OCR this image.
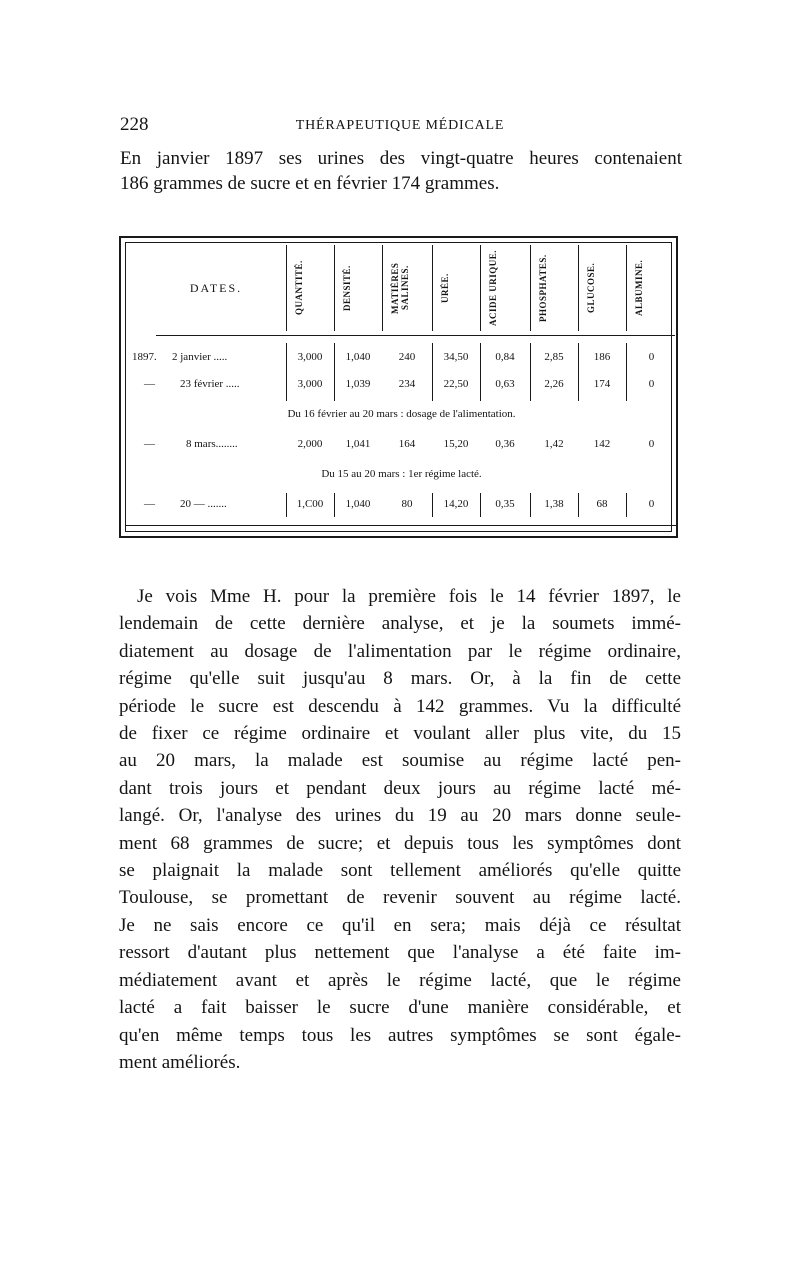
228	THÉRAPEUTIQUE MÉDICALE
En janvier 1897 ses urines des vingt-quatre heures contenaient
186 grammes de sucre et en février 174 grammes.
DATES.	QUANTITÉ.	DENSITÉ.	MATIÈRES SALINES.	URÉE.	ACIDE URIQUE.	PHOSPHATES.	GLUCOSE.	ALBUMINE.
1897. 2 janvier .....	3,000	1,040	240	34,50	0,84	2,85	186	0
— 23 février .....	3,000	1,039	234	22,50	0,63	2,26	174	0
Du 16 février au 20 mars : dosage de l'alimentation.
—	8 mars........	2,000	1,041	164	15,20	0,36	1,42	142	0
Du 15 au 20 mars : 1er régime lacté.
— 20 — .......	1,C00	1,040	80	14,20	0,35	1,38	68	0
Je vois Mme H. pour la première fois le 14 février 1897, le
lendemain de cette dernière analyse, et je la soumets immé-
diatement au dosage de l'alimentation par le régime ordinaire,
régime qu'elle suit jusqu'au 8 mars. Or, à la fin de cette
période le sucre est descendu à 142 grammes. Vu la difficulté
de fixer ce régime ordinaire et voulant aller plus vite, du 15
au 20 mars, la malade est soumise au régime lacté pen-
dant trois jours et pendant deux jours au régime lacté mé-
langé. Or, l'analyse des urines du 19 au 20 mars donne seule-
ment 68 grammes de sucre; et depuis tous les symptômes dont
se plaignait la malade sont tellement améliorés qu'elle quitte
Toulouse, se promettant de revenir souvent au régime lacté.
Je ne sais encore ce qu'il en sera; mais déjà ce résultat
ressort d'autant plus nettement que l'analyse a été faite im-
médiatement avant et après le régime lacté, que le régime
lacté a fait baisser le sucre d'une manière considérable, et
qu'en même temps tous les autres symptômes se sont égale-
ment améliorés.
